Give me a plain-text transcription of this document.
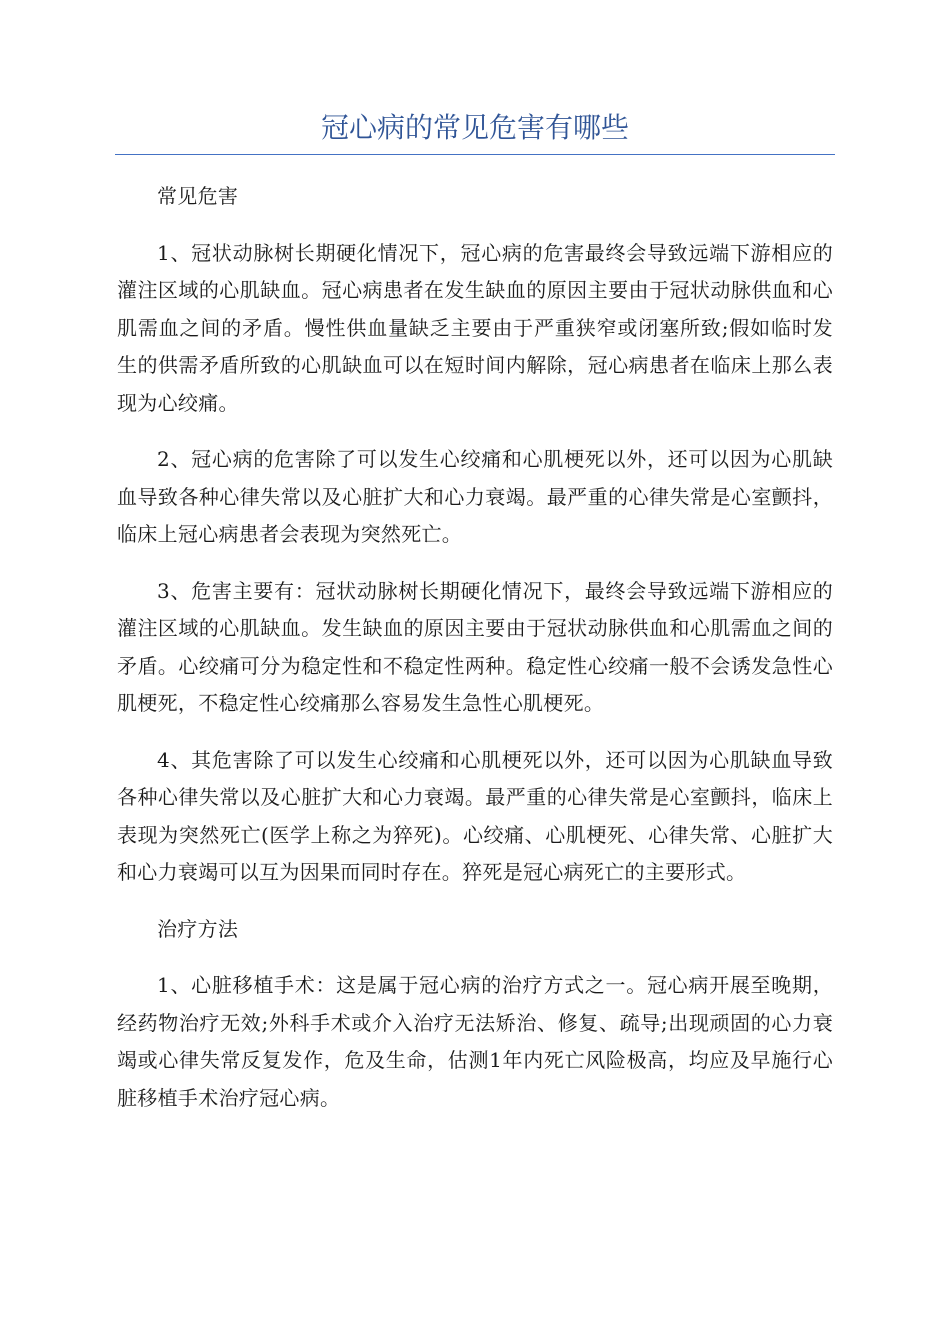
冠心病的常见危害有哪些

常见危害

1、冠状动脉树长期硬化情况下，冠心病的危害最终会导致远端下游相应的灌注区域的心肌缺血。冠心病患者在发生缺血的原因主要由于冠状动脉供血和心肌需血之间的矛盾。慢性供血量缺乏主要由于严重狭窄或闭塞所致;假如临时发生的供需矛盾所致的心肌缺血可以在短时间内解除，冠心病患者在临床上那么表现为心绞痛。

2、冠心病的危害除了可以发生心绞痛和心肌梗死以外，还可以因为心肌缺血导致各种心律失常以及心脏扩大和心力衰竭。最严重的心律失常是心室颤抖，临床上冠心病患者会表现为突然死亡。

3、危害主要有：冠状动脉树长期硬化情况下，最终会导致远端下游相应的灌注区域的心肌缺血。发生缺血的原因主要由于冠状动脉供血和心肌需血之间的矛盾。心绞痛可分为稳定性和不稳定性两种。稳定性心绞痛一般不会诱发急性心肌梗死，不稳定性心绞痛那么容易发生急性心肌梗死。

4、其危害除了可以发生心绞痛和心肌梗死以外，还可以因为心肌缺血导致各种心律失常以及心脏扩大和心力衰竭。最严重的心律失常是心室颤抖，临床上表现为突然死亡(医学上称之为猝死)。心绞痛、心肌梗死、心律失常、心脏扩大和心力衰竭可以互为因果而同时存在。猝死是冠心病死亡的主要形式。

治疗方法

1、心脏移植手术：这是属于冠心病的治疗方式之一。冠心病开展至晚期，经药物治疗无效;外科手术或介入治疗无法矫治、修复、疏导;出现顽固的心力衰竭或心律失常反复发作，危及生命，估测1年内死亡风险极高，均应及早施行心脏移植手术治疗冠心病。
